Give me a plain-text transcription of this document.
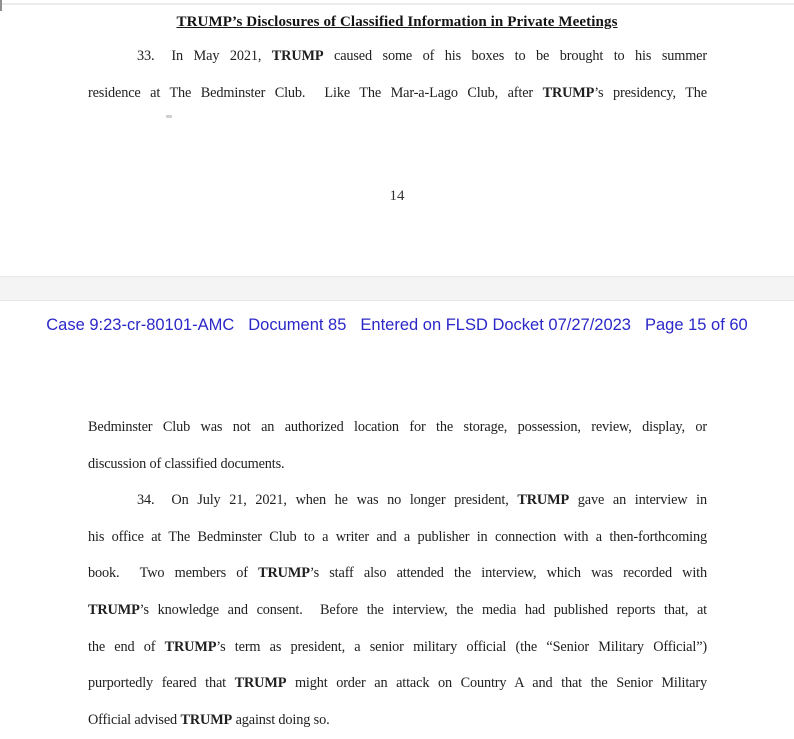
TRUMP’s Disclosures of Classified Information in Private Meetings
33. In May 2021, TRUMP caused some of his boxes to be brought to his summer
residence at The Bedminster Club.  Like The Mar-a-Lago Club, after TRUMP’s presidency, The
14
Case 9:23-cr-80101-AMC Document 85 Entered on FLSD Docket 07/27/2023 Page 15 of 60
Bedminster Club was not an authorized location for the storage, possession, review, display, or
discussion of classified documents.
34. On July 21, 2021, when he was no longer president, TRUMP gave an interview in
his office at The Bedminster Club to a writer and a publisher in connection with a then-forthcoming
book.  Two members of TRUMP’s staff also attended the interview, which was recorded with
TRUMP’s knowledge and consent.  Before the interview, the media had published reports that, at
the end of TRUMP’s term as president, a senior military official (the “Senior Military Official”)
purportedly feared that TRUMP might order an attack on Country A and that the Senior Military
Official advised TRUMP against doing so.
